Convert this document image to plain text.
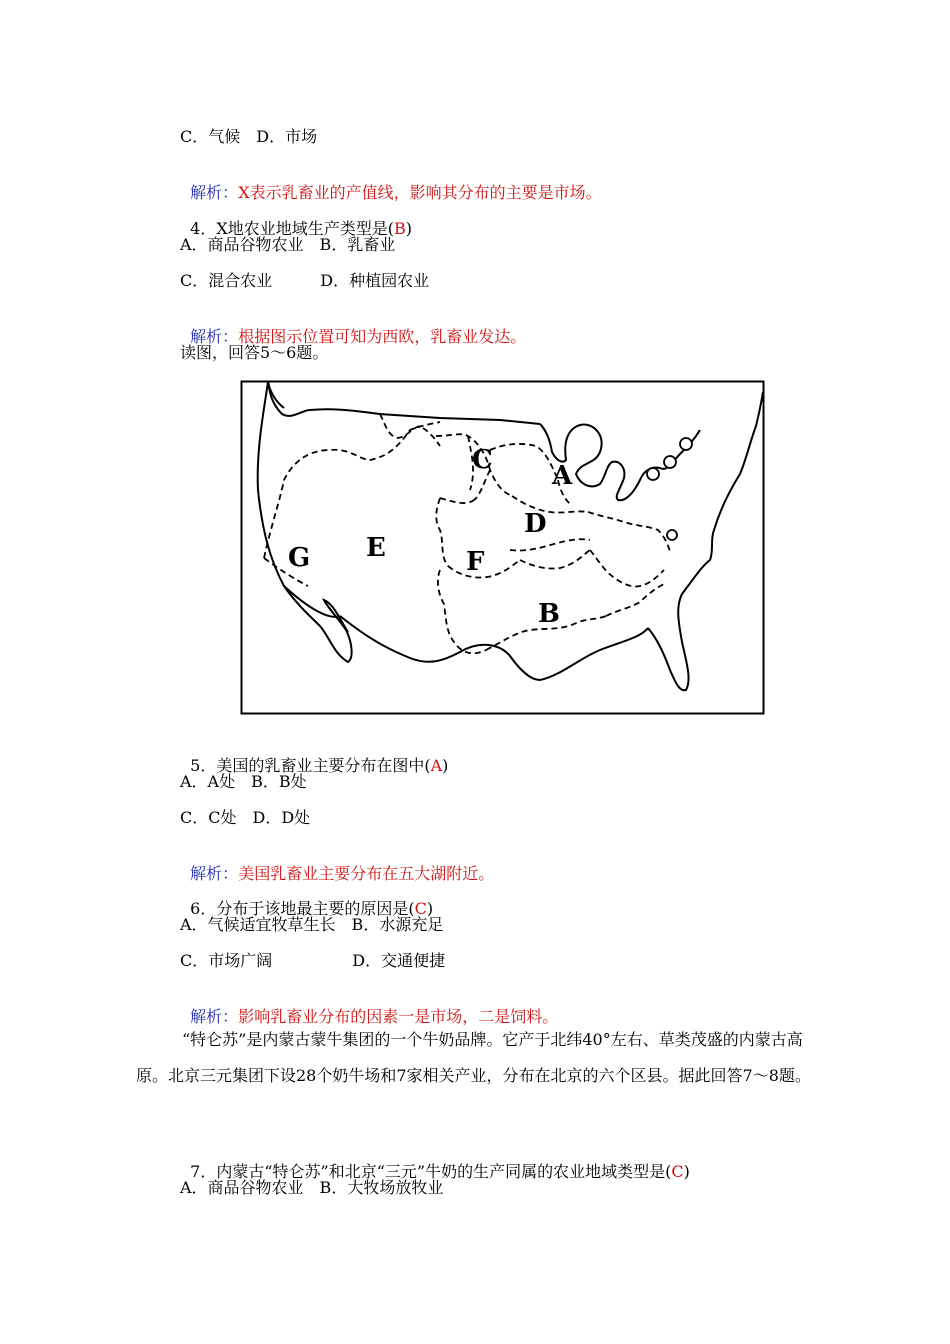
C．气候　D．市场

解析：X表示乳畜业的产值线，影响其分布的主要是市场。

4．X地农业地域生产类型是(B)

A．商品谷物农业　B．乳畜业
C．混合农业　　　D．种植园农业

解析：根据图示位置可知为西欧，乳畜业发达。

读图，回答5～6题。
G E
C
A
D
F
B

5．美国的乳畜业主要分布在图中(A)

A．A处　B．B处
C．C处　D．D处

解析：美国乳畜业主要分布在五大湖附近。

6．分布于该地最主要的原因是(C)

A．气候适宜牧草生长　B．水源充足
C．市场广阔　　　　　D．交通便捷

解析：影响乳畜业分布的因素一是市场，二是饲料。

“特仑苏”是内蒙古蒙牛集团的一个牛奶品牌。它产于北纬40°左右、草类茂盛的内蒙古高原。北京三元集团下设28个奶牛场和7家相关产业，分布在北京的六个区县。据此回答7～8题。

7．内蒙古“特仑苏”和北京“三元”牛奶的生产同属的农业地域类型是(C)

A．商品谷物农业　B．大牧场放牧业
